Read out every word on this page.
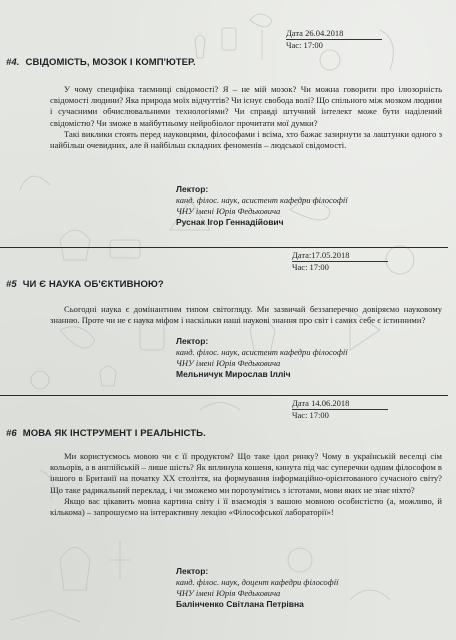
Дата 26.04.2018
Час: 17:00
#4. СВІДОМІСТЬ, МОЗОК І КОМП'ЮТЕР.

У чому специфіка таємниці свідомості? Я – не мій мозок? Чи можна говорити про ілюзорність свідомості людини? Яка природа моїх відчуттів? Чи існує свобода волі? Що спільного між мозком людини і сучасними обчислювальними технологіями? Чи справді штучний інтелект може бути наділений свідомістю? Чи зможе в майбутньому нейробіолог прочитати мої думки?

Такі виклики стоять перед науковцями, філософами і всіма, хто бажає зазирнути за лаштунки одного з найбільш очевидних, але й найбільш складних феноменів – людської свідомості.

Лектор:
канд. філос. наук, асистент кафедри філософії
ЧНУ імені Юрія Федьковича
Руснак Ігор Геннадійович
Дата:17.05.2018
Час: 17:00
#5 ЧИ Є НАУКА ОБ'ЄКТИВНОЮ?

Сьогодні наука є домінантним типом світогляду. Ми зазвичай беззаперечно довіряємо науковому знанню. Проте чи не є наука міфом і наскільки наші наукові знання про світ і самих себе є істинними?

Лектор:
канд. філос. наук, асистент кафедри філософії
ЧНУ імені Юрія Федьковича
Мельничук Мирослав Ілліч
Дата 14.06.2018
Час: 17:00
#6 МОВА ЯК ІНСТРУМЕНТ І РЕАЛЬНІСТЬ.

Ми користуємось мовою чи є її продуктом? Що таке ідол ринку? Чому в українській веселці сім кольорів, а в англійській – лише шість? Як вплинула кошеня, кинута під час суперечки одним філософом в іншого в Британії на початку XX століття, на формування інформаційно-орієнтованого сучасного світу? Що таке радикальний переклад, і чи зможемо ми порозумітись з істотами, мови яких не знає ніхто?

Якщо вас цікавить мовна картина світу і її взаємодія з вашою мовною особистістю (а, можливо, й кількома) – запрошуємо на інтерактивну лекцію «Філософської лабораторії»!

Лектор:
канд. філос. наук, доцент кафедри філософії
ЧНУ імені Юрія Федьковича
Балінченко Світлана Петрівна
